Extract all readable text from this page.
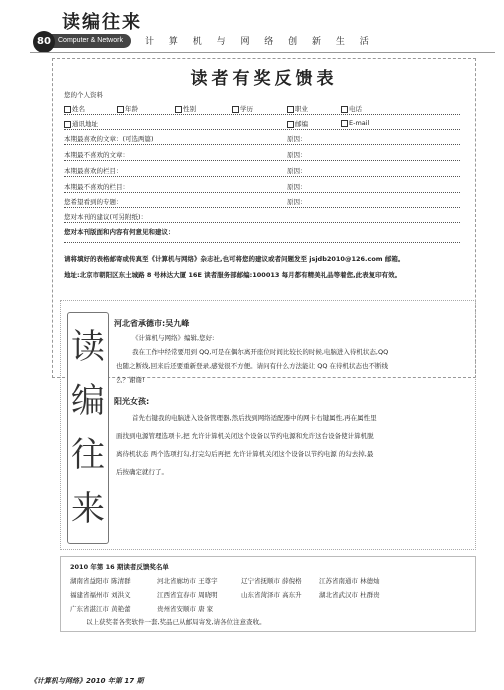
读编往来
Computer & Network
80	计 算 机 与 网 络 创 新 生 活
读者有奖反馈表
您的个人资料
姓名	年龄	性别	学历	职业	电话
通讯地址	邮编	E-mail
本期最喜欢的文章：(可选两篇)	原因：
本期最不喜欢的文章：	原因：
本期最喜欢的栏目：	原因：
本期最不喜欢的栏目：	原因：
您希望看到的专题：	原因：
您对本刊的建议(可另附纸)：
您对本刊版面和内容有何意见和建议：
请将填好的表格邮寄或传真至《计算机与网络》杂志社,也可将您的建议或者问题发至 jsjdb2010@126.com 邮箱。
地址:北京市朝阳区东土城路 8 号林达大厦 16E 读者服务部邮编:100013 每月都有精美礼品等着您,此表复印有效。
读
编
往
来
河北省承德市:吴九峰
《计算机与网络》编辑,您好:
我在工作中经常要用到 QQ,可是在偶尔离开座位时间比较长的时候,电脑进入待机状态,QQ
也随之断线,回来后还要重新登录,感觉很不方便。请问有什么方法能让 QQ 在待机状态也不断线
么？谢谢!
阳光女孩:
首先右键我的电脑进入设备管理器,然后找到网络适配器中的网卡右键属性,再在属性里
面找到电源管理选项卡,把 允许计算机关闭这个设备以节约电源和允许这台设备使计算机脱
离待机状态 两个选项打勾,打完勾后再把 允许计算机关闭这个设备以节约电源 的勾去掉,最
后按确定就行了。
2010 年第 16 期读者反馈奖名单
湖南省益阳市 陈清群	河北省廊坊市 王尊宇	辽宁省抚顺市 薛倪格	江苏省南通市 林德灿
福建省福州市 刘洪义	江西省宜春市 周晓明	山东省菏泽市 高东升	湖北省武汉市 杜群贵
广东省湛江市 黄艳蕾	贵州省安顺市 唐 家
以上获奖者各奖软件一套,奖品已从邮局寄发,请各位注意查收。
《计算机与网络》2010 年第 17 期
